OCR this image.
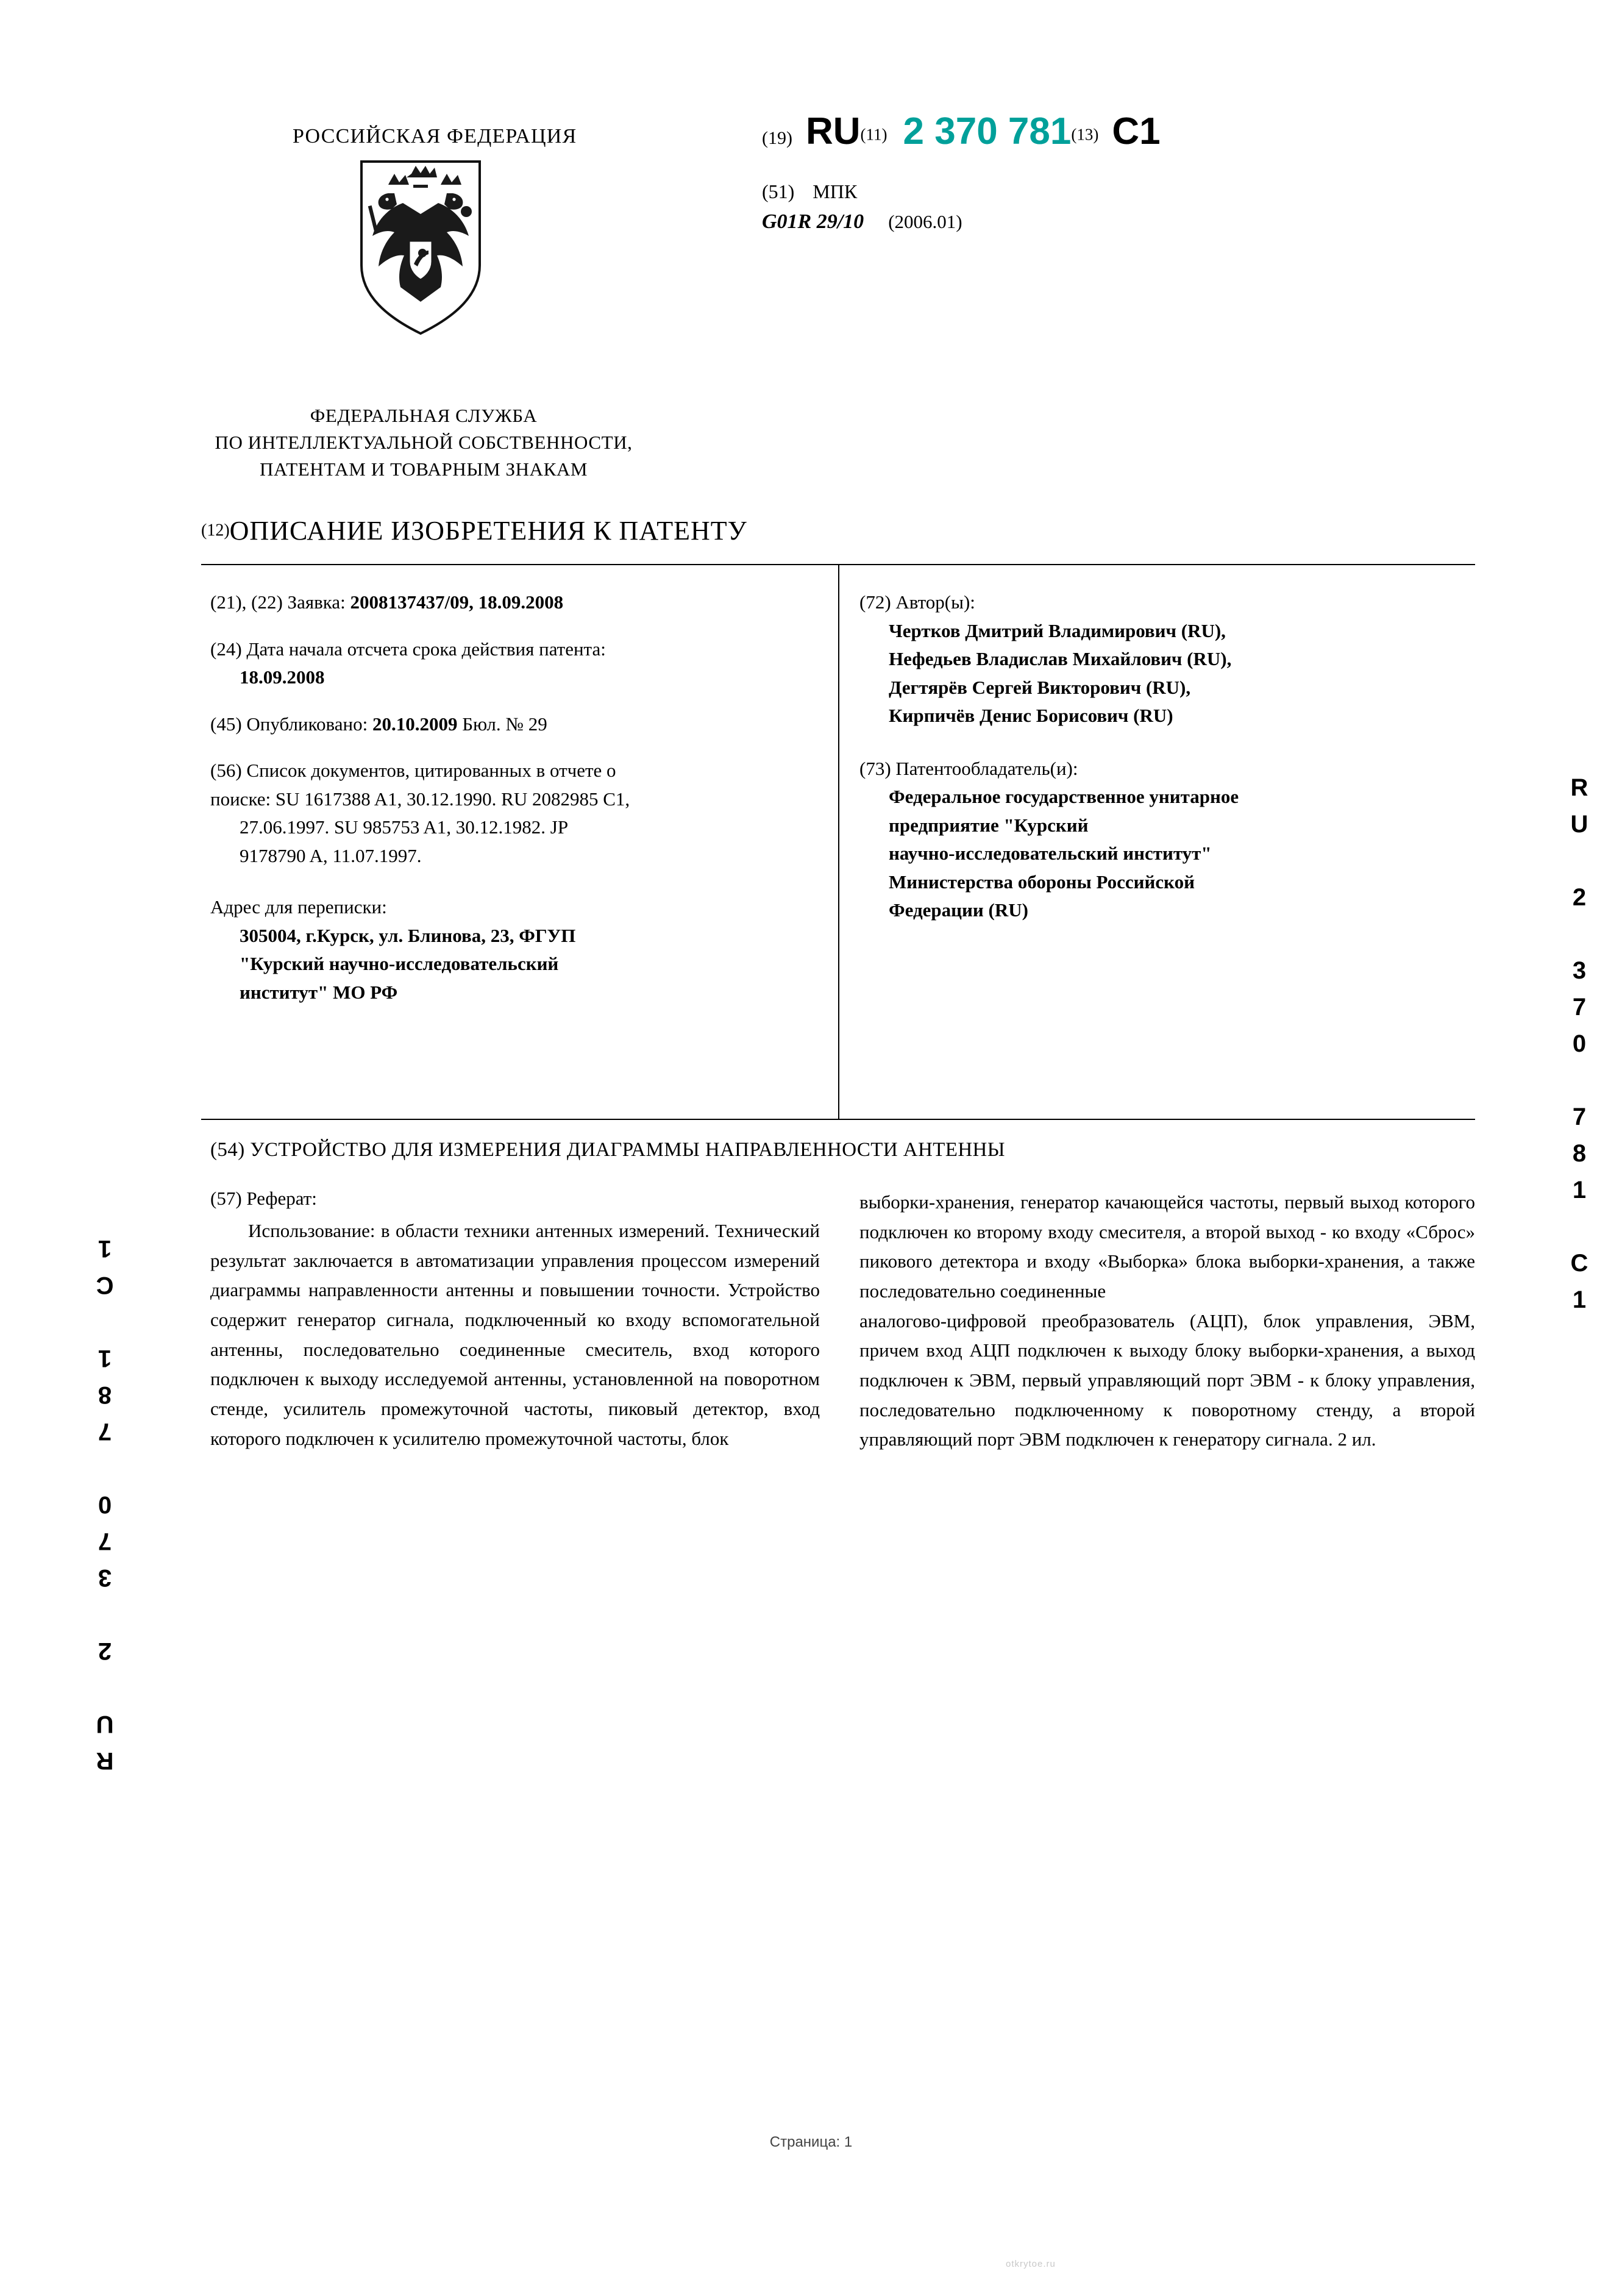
RU 2 370 781 C1
RU 2 370 781 C1
РОССИЙСКАЯ ФЕДЕРАЦИЯ	(19) RU(11) 2 370 781(13) C1
(51) МПК
G01R 29/10 (2006.01)
ФЕДЕРАЛЬНАЯ СЛУЖБА
ПО ИНТЕЛЛЕКТУАЛЬНОЙ СОБСТВЕННОСТИ,
ПАТЕНТАМ И ТОВАРНЫМ ЗНАКАМ
(12)ОПИСАНИЕ ИЗОБРЕТЕНИЯ К ПАТЕНТУ
(21), (22) Заявка: 2008137437/09, 18.09.2008
(24) Дата начала отсчета срока действия патента:
18.09.2008
(45) Опубликовано: 20.10.2009 Бюл. № 29
(56) Список документов, цитированных в отчете о
поиске: SU 1617388 A1, 30.12.1990. RU 2082985 C1,
27.06.1997. SU 985753 A1, 30.12.1982. JP
9178790 A, 11.07.1997.
Адрес для переписки:
305004, г.Курск, ул. Блинова, 23, ФГУП
"Курский научно-исследовательский
институт" МО РФ
(72) Автор(ы):
Чертков Дмитрий Владимирович (RU),
Нефедьев Владислав Михайлович (RU),
Дегтярёв Сергей Викторович (RU),
Кирпичёв Денис Борисович (RU)
(73) Патентообладатель(и):
Федеральное государственное унитарное
предприятие "Курский
научно-исследовательский институт"
Министерства обороны Российской
Федерации (RU)
(54) УСТРОЙСТВО ДЛЯ ИЗМЕРЕНИЯ ДИАГРАММЫ НАПРАВЛЕННОСТИ АНТЕННЫ
(57) Реферат:

Использование: в области техники антенных измерений. Технический результат заключается в автоматизации управления процессом измерений диаграммы направленности антенны и повышении точности. Устройство содержит генератор сигнала, подключенный ко входу вспомогательной антенны, последовательно соединенные смеситель, вход которого подключен к выходу исследуемой антенны, установленной на поворотном стенде, усилитель промежуточной частоты, пиковый детектор, вход которого подключен к усилителю промежуточной частоты, блок

выборки-хранения, генератор качающейся частоты, первый выход которого подключен ко второму входу смесителя, а второй выход - ко входу «Сброс» пикового детектора и входу «Выборка» блока выборки-хранения, а также последовательно соединенные

аналогово-цифровой преобразователь (АЦП), блок управления, ЭВМ, причем вход АЦП подключен к выходу блоку выборки-хранения, а выход подключен к ЭВМ, первый управляющий порт ЭВМ - к блоку управления, последовательно подключенному к поворотному стенду, а второй управляющий порт ЭВМ подключен к генератору сигнала. 2 ил.

Страница: 1
otkrytoe.ru
